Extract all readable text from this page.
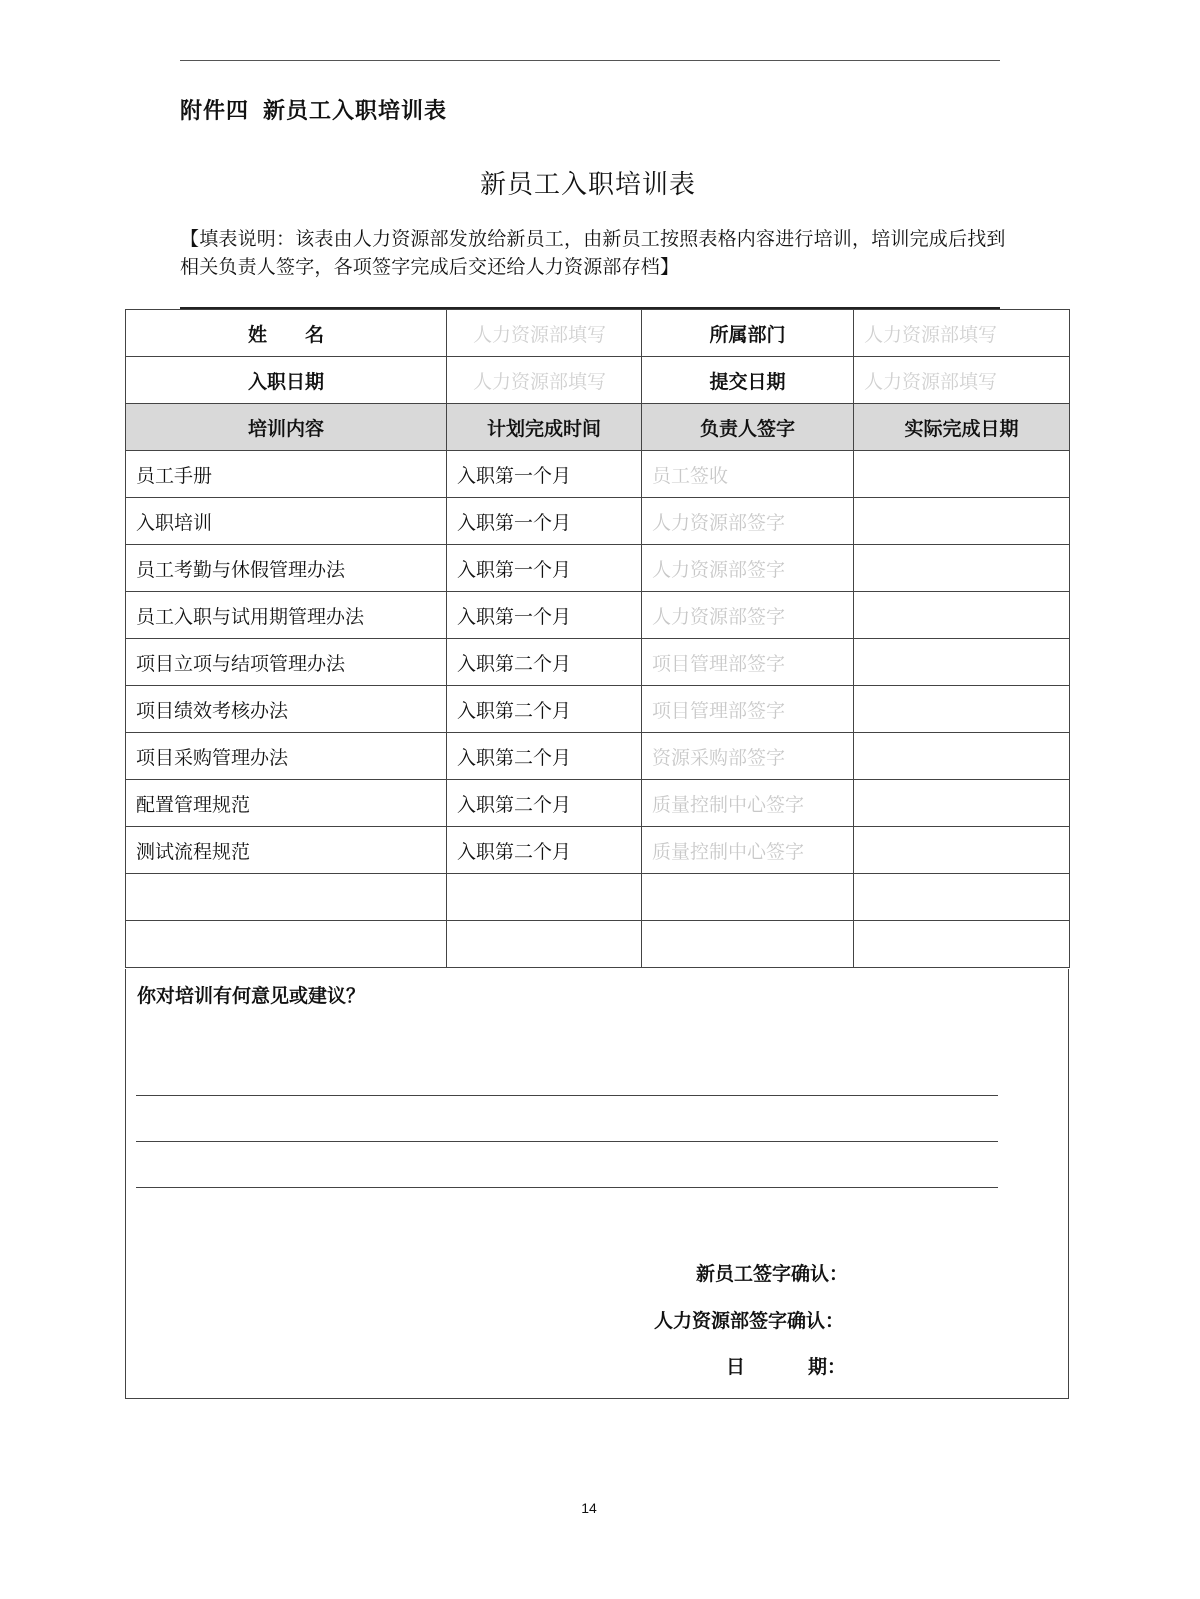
附件四 新员工入职培训表
新员工入职培训表
【填表说明：该表由人力资源部发放给新员工，由新员工按照表格内容进行培训，培训完成后找到相关负责人签字，各项签字完成后交还给人力资源部存档】
姓　　名	人力资源部填写	所属部门	人力资源部填写
入职日期	人力资源部填写	提交日期	人力资源部填写
培训内容	计划完成时间	负责人签字	实际完成日期
员工手册	入职第一个月	员工签收	
入职培训	入职第一个月	人力资源部签字	
员工考勤与休假管理办法	入职第一个月	人力资源部签字	
员工入职与试用期管理办法	入职第一个月	人力资源部签字	
项目立项与结项管理办法	入职第二个月	项目管理部签字	
项目绩效考核办法	入职第二个月	项目管理部签字	
项目采购管理办法	入职第二个月	资源采购部签字	
配置管理规范	入职第二个月	质量控制中心签字	
测试流程规范	入职第二个月	质量控制中心签字	

你对培训有何意见或建议？
新员工签字确认：
人力资源部签字确认：
日	期：
14
